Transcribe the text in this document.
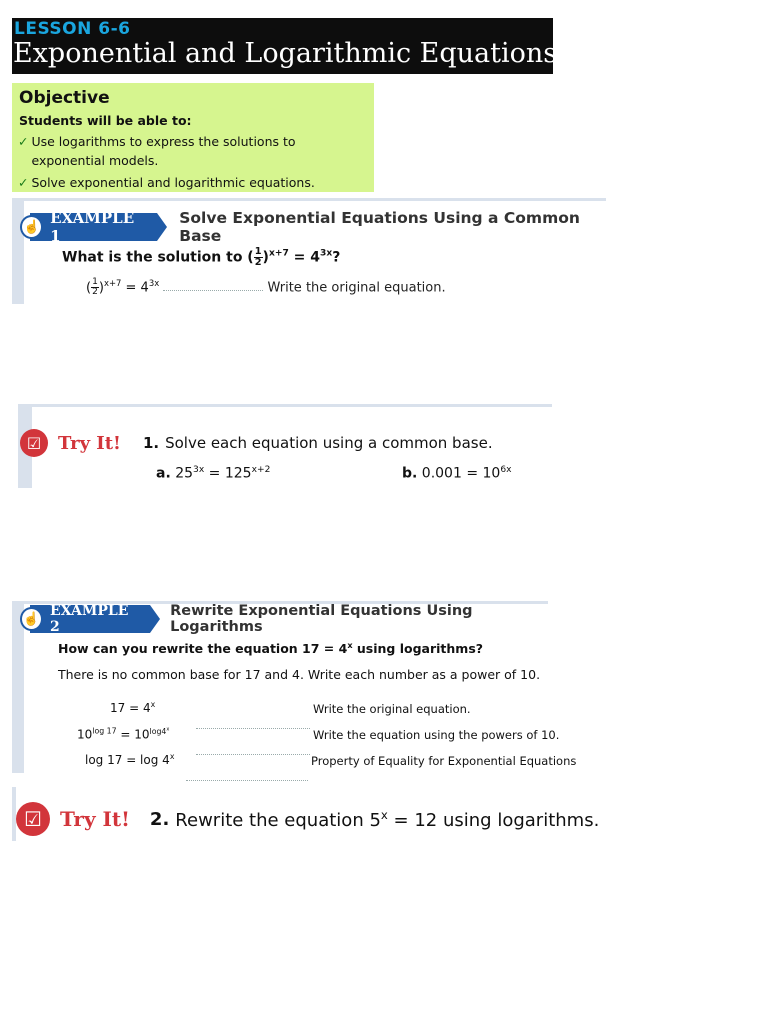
LESSON 6-6
Exponential and Logarithmic Equations
Objective
Students will be able to:
✓ Use logarithms to express the solutions to exponential models.
✓ Solve exponential and logarithmic equations.
☝ EXAMPLE 1
Solve Exponential Equations Using a Common Base
What is the solution to ( $\frac{1}{2} )^{x+7} = 4^{3x}$?
( $\frac{1}{2} )^{x+7} = 4^{3x}$	Write the original equation.
☑ Try It! 1. Solve each equation using a common base.
a. $25^{3x} = 125^{x+2}$	b. $0.001 = 10^{6x}$
☝ EXAMPLE 2
Rewrite Exponential Equations Using Logarithms
How can you rewrite the equation $17 = 4^x$ using logarithms?
There is no common base for 17 and 4. Write each number as a power of 10.
$17 = 4^x$	Write the original equation.
$10^{log 17} = 10^{log4^x}$	Write the equation using the powers of 10.
log 17 = log 4$^x$	Property of Equality for Exponential Equations
☑ Try It! 2. Rewrite the equation $5^x = 12$ using logarithms.
